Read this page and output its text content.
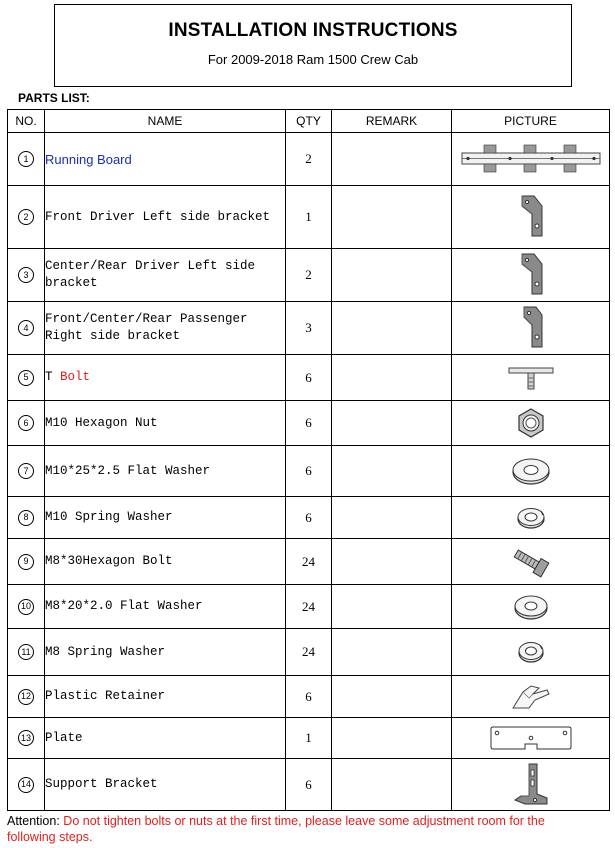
INSTALLATION INSTRUCTIONS
For 2009-2018 Ram 1500 Crew Cab
PARTS LIST:
NO.	NAME	QTY	REMARK	PICTURE
1	Running Board	2		

2	Front Driver Left side bracket	1		

3	Center/Rear Driver Left side bracket	2		

4	Front/Center/Rear Passenger Right side bracket	3		

5	T Bolt	6		

6	M10 Hexagon Nut	6		

7	M10*25*2.5 Flat Washer	6		

8	M10 Spring Washer	6		

9	M8*30Hexagon Bolt	24		

10	M8*20*2.0 Flat Washer	24		

11	M8 Spring Washer	24		

12	Plastic Retainer	6		

13	Plate	1		

14	Support Bracket	6		
Attention: Do not tighten bolts or nuts at the first time, please leave some adjustment room for the
following steps.
